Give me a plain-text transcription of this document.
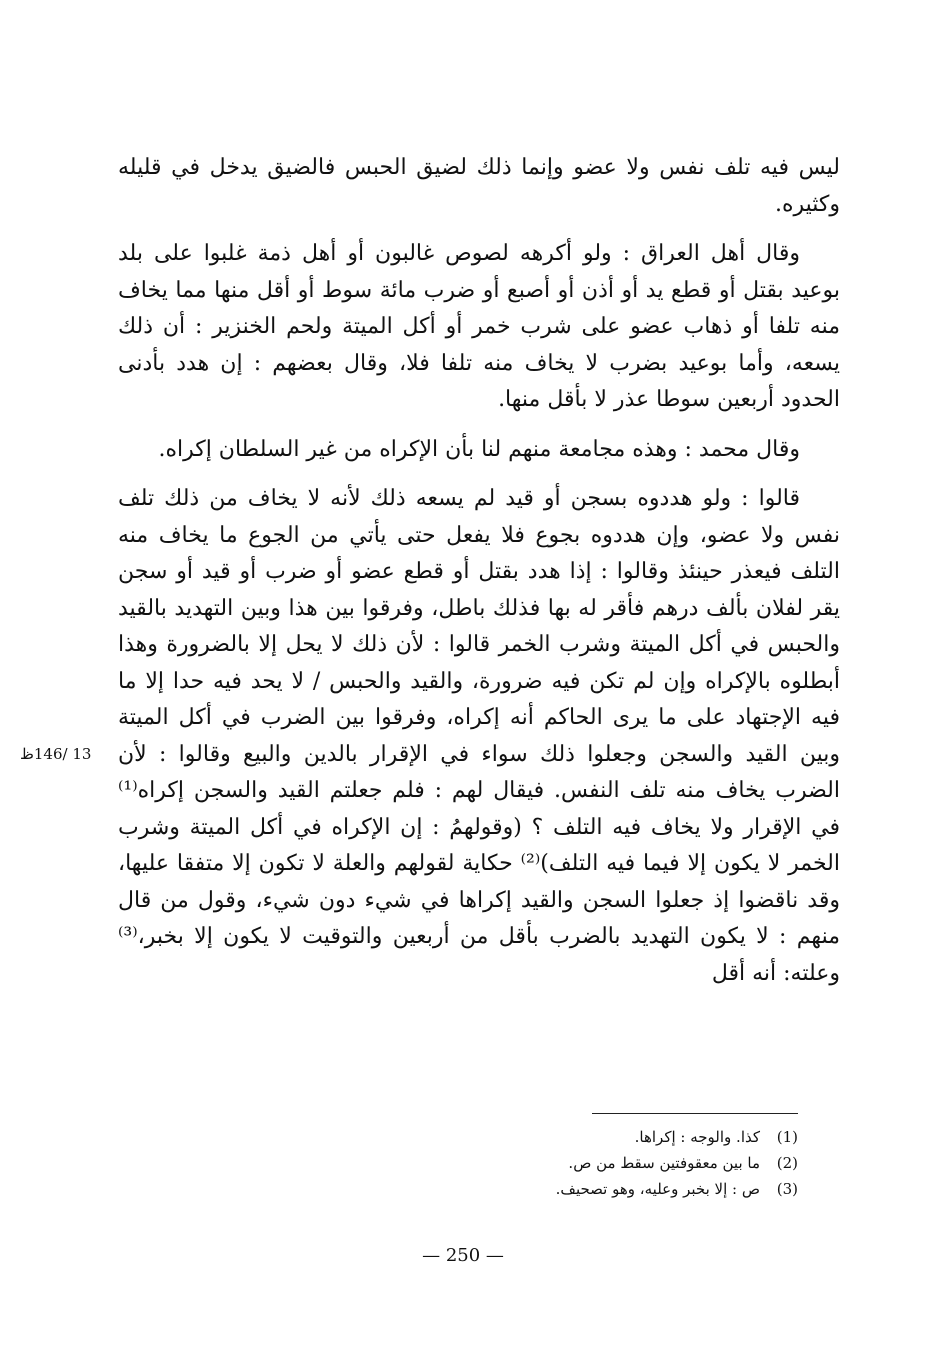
ليس فيه تلف نفس ولا عضو وإنما ذلك لضيق الحبس فالضيق يدخل في قليله وكثيره.

وقال أهل العراق : ولو أكرهه لصوص غالبون أو أهل ذمة غلبوا على بلد بوعيد بقتل أو قطع يد أو أذن أو أصبع أو ضرب مائة سوط أو أقل منها مما يخاف منه تلفا أو ذهاب عضو على شرب خمر أو أكل الميتة ولحم الخنزير : أن ذلك يسعه، وأما بوعيد بضرب لا يخاف منه تلفا فلا، وقال بعضهم : إن هدد بأدنى الحدود أربعين سوطا عذر لا بأقل منها.

وقال محمد : وهذه مجامعة منهم لنا بأن الإكراه من غير السلطان إكراه.

قالوا : ولو هددوه بسجن أو قيد لم يسعه ذلك لأنه لا يخاف من ذلك تلف نفس ولا عضو، وإن هددوه بجوع فلا يفعل حتى يأتي من الجوع ما يخاف منه التلف فيعذر حينئذ وقالوا : إذا هدد بقتل أو قطع عضو أو ضرب أو قيد أو سجن يقر لفلان بألف درهم فأقر له بها فذلك باطل، وفرقوا بين هذا وبين التهديد بالقيد والحبس في أكل الميتة وشرب الخمر قالوا : لأن ذلك لا يحل إلا بالضرورة وهذا أبطلوه بالإكراه وإن لم تكن فيه ضرورة، والقيد والحبس / لا يحد فيه حدا إلا ما فيه الإجتهاد على ما يرى الحاكم أنه إكراه، وفرقوا بين الضرب في أكل الميتة وبين القيد والسجن وجعلوا ذلك سواء في الإقرار بالدين والبيع وقالوا : لأن الضرب يخاف منه تلف النفس. فيقال لهم : فلم جعلتم القيد والسجن إكراه⁽¹⁾ في الإقرار ولا يخاف فيه التلف ؟ (وقولهمُ : إن الإكراه في أكل الميتة وشرب الخمر لا يكون إلا فيما فيه التلف)⁽²⁾ حكاية لقولهم والعلة لا تكون إلا متفقا عليها، وقد ناقضوا إذ جعلوا السجن والقيد إكراها في شيء دون شيء، وقول من قال منهم : لا يكون التهديد بالضرب بأقل من أربعين والتوقيت لا يكون إلا بخبر،⁽³⁾ وعلته: أنه أقل

13 /146ظ
(1)
كذا. والوجه : إكراها.
(2)
ما بين معقوفتين سقط من ص.
(3)
ص : إلا بخبر وعليه، وهو تصحيف.
— 250 —
